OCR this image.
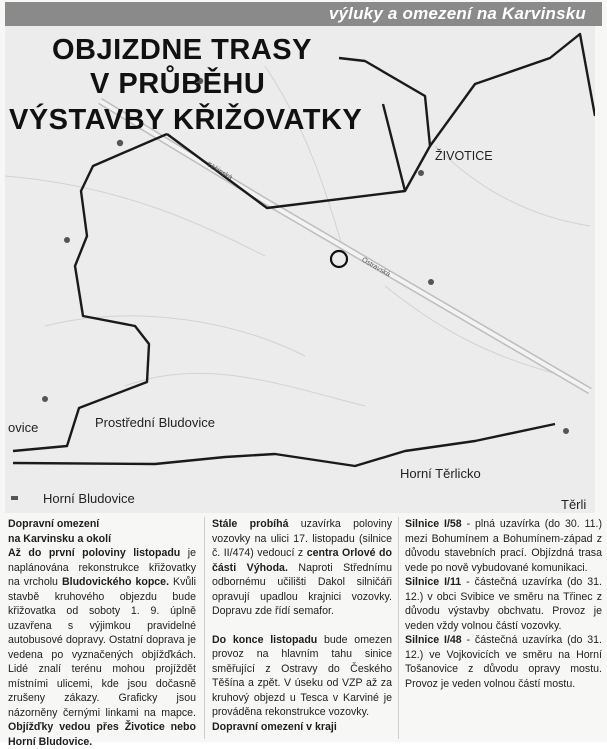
výluky a omezení na Karvinsku
OBJIZDNE TRASY
V PRŮBĚHU
VÝSTAVBY KŘIŽOVATKY
ŽIVOTICE
Prostřední Bludovice
Horní Bludovice
Horní Těrlicko
ovice
Těrli
Těšínská
Ostravská

Dopravní omezení

na Karvinsku a okolí

Až do první poloviny listopadu je naplánována rekonstrukce křižovatky na vrcholu Bludovického kopce. Kvůli stavbě kruhového objezdu bude křižovatka od soboty 1. 9. úplně uzavřena s výjimkou pravidelné autobusové dopravy. Ostatní doprava je vedena po vyznačených objížďkách. Lidé znalí terénu mohou projíždět místními ulicemi, kde jsou dočasně zrušeny zákazy. Graficky jsou názorněny černými linkami na mapce. Objížďky vedou přes Životice nebo Horní Bludovice.

Stále probíhá uzavírka poloviny vozovky na ulici 17. listopadu (silnice č. II/474) vedoucí z centra Orlové do části Výhoda. Naproti Střednímu odbornému učilišti Dakol silničáři opravují upadlou krajnici vozovky. Dopravu zde řídí semafor.

Do konce listopadu bude omezen provoz na hlavním tahu sinice směřující z Ostravy do Českého Těšína a zpět. V úseku od VZP až za kruhový objezd u Tesca v Karviné je prováděna rekonstrukce vozovky.

Dopravní omezení v kraji

Silnice I/58 - plná uzavírka (do 30. 11.) mezi Bohumínem a Bohumínem-západ z důvodu stavebních prací. Objízdná trasa vede po nově vybudované komunikaci.

Silnice I/11 - částečná uzavírka (do 31. 12.) v obci Svibice ve směru na Třinec z důvodu výstavby obchvatu. Provoz je veden vždy volnou částí vozovky.

Silnice I/48 - částečná uzavírka (do 31. 12.) ve Vojkovicích ve směru na Horní Tošanovice z důvodu opravy mostu. Provoz je veden volnou částí mostu.
